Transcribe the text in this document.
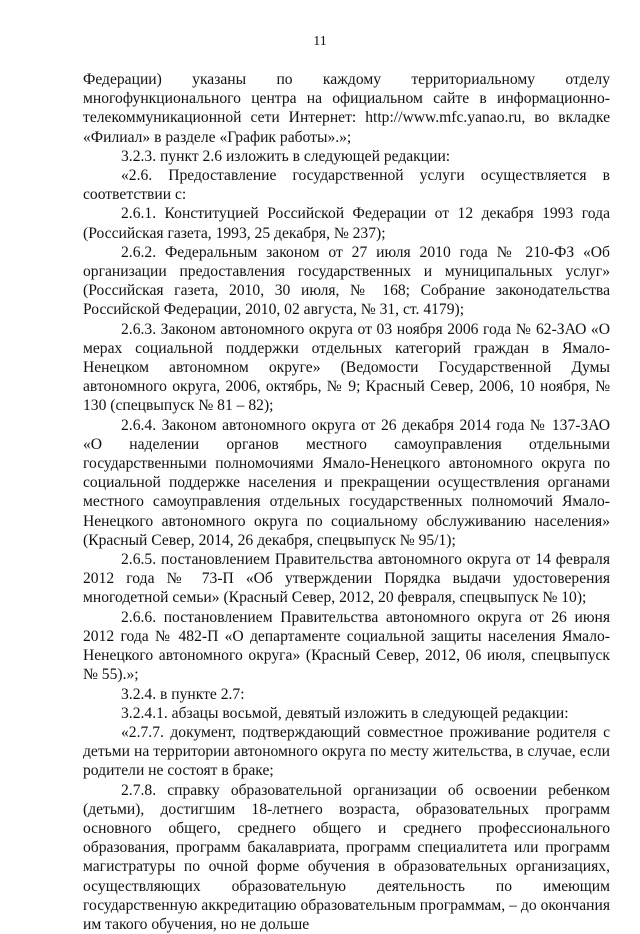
11

Федерации) указаны по каждому территориальному отделу многофункционального центра на официальном сайте в информационно-телекоммуникационной сети Интернет: http://www.mfc.yanao.ru, во вкладке «Филиал» в разделе «График работы».»;

3.2.3. пункт 2.6 изложить в следующей редакции:

«2.6. Предоставление государственной услуги осуществляется в соответствии с:

2.6.1. Конституцией Российской Федерации от 12 декабря 1993 года (Российская газета, 1993, 25 декабря, № 237);

2.6.2. Федеральным законом от 27 июля 2010 года № 210-ФЗ «Об организации предоставления государственных и муниципальных услуг» (Российская газета, 2010, 30 июля, № 168; Собрание законодательства Российской Федерации, 2010, 02 августа, № 31, ст. 4179);

2.6.3. Законом автономного округа от 03 ноября 2006 года № 62-ЗАО «О мерах социальной поддержки отдельных категорий граждан в Ямало-Ненецком автономном округе» (Ведомости Государственной Думы автономного округа, 2006, октябрь, № 9; Красный Север, 2006, 10 ноября, № 130 (спецвыпуск № 81 – 82);

2.6.4. Законом автономного округа от 26 декабря 2014 года № 137-ЗАО «О наделении органов местного самоуправления отдельными государственными полномочиями Ямало-Ненецкого автономного округа по социальной поддержке населения и прекращении осуществления органами местного самоуправления отдельных государственных полномочий Ямало-Ненецкого автономного округа по социальному обслуживанию населения» (Красный Север, 2014, 26 декабря, спецвыпуск № 95/1);

2.6.5. постановлением Правительства автономного округа от 14 февраля 2012 года № 73-П «Об утверждении Порядка выдачи удостоверения многодетной семьи» (Красный Север, 2012, 20 февраля, спецвыпуск № 10);

2.6.6. постановлением Правительства автономного округа от 26 июня 2012 года № 482-П «О департаменте социальной защиты населения Ямало-Ненецкого автономного округа» (Красный Север, 2012, 06 июля, спецвыпуск № 55).»;

3.2.4. в пункте 2.7:

3.2.4.1. абзацы восьмой, девятый изложить в следующей редакции:

«2.7.7. документ, подтверждающий совместное проживание родителя с детьми на территории автономного округа по месту жительства, в случае, если родители не состоят в браке;

2.7.8. справку образовательной организации об освоении ребенком (детьми), достигшим 18-летнего возраста, образовательных программ основного общего, среднего общего и среднего профессионального образования, программ бакалавриата, программ специалитета или программ магистратуры по очной форме обучения в образовательных организациях, осуществляющих образовательную деятельность по имеющим государственную аккредитацию образовательным программам, – до окончания им такого обучения, но не дольше
